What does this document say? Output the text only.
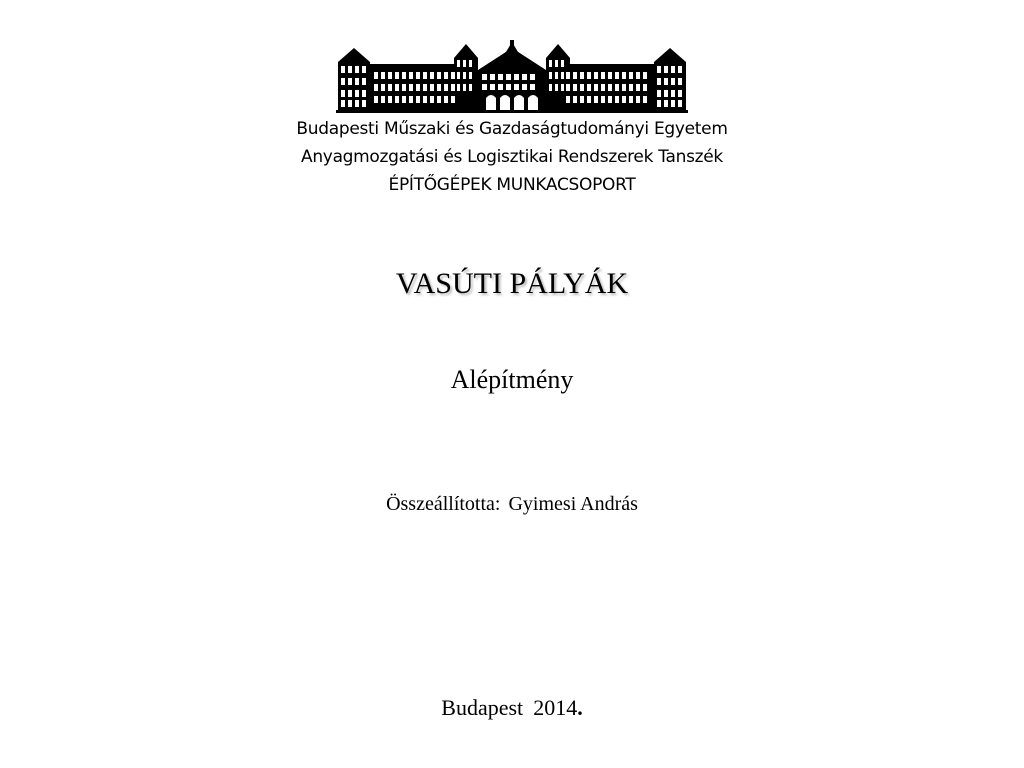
Budapesti Műszaki és Gazdaságtudományi Egyetem
Anyagmozgatási és Logisztikai Rendszerek Tanszék
ÉPÍTŐGÉPEK MUNKACSOPORT
VASÚTI PÁLYÁK
Alépítmény
Összeállította: Gyimesi András
Budapest 2014.
